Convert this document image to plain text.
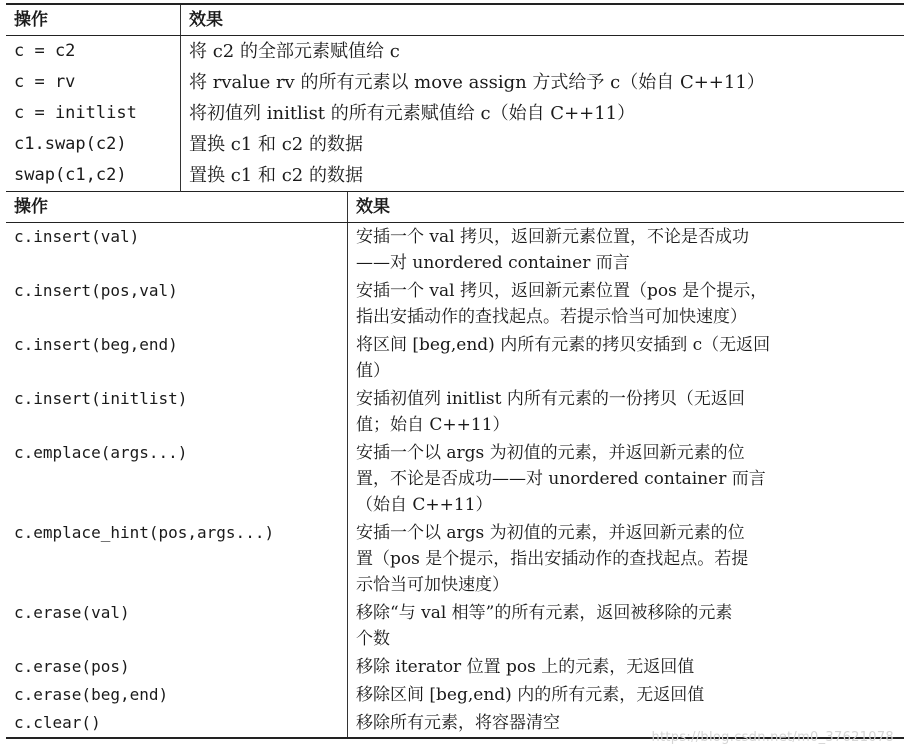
操作	效果
c = c2	将 c2 的全部元素赋值给 c
c = rv	将 rvalue rv 的所有元素以 move assign 方式给予 c（始自 C++11）
c = initlist	将初值列 initlist 的所有元素赋值给 c（始自 C++11）
c1.swap(c2)	置换 c1 和 c2 的数据
swap(c1,c2)	置换 c1 和 c2 的数据
操作	效果
c.insert(val)	安插一个 val 拷贝，返回新元素位置，不论是否成功
——对 unordered container 而言

c.insert(pos,val)	安插一个 val 拷贝，返回新元素位置（pos 是个提示，
指出安插动作的查找起点。若提示恰当可加快速度）

c.insert(beg,end)	将区间 [beg,end) 内所有元素的拷贝安插到 c（无返回
值）

c.insert(initlist)	安插初值列 initlist 内所有元素的一份拷贝（无返回
值；始自 C++11）

c.emplace(args...)	安插一个以 args 为初值的元素，并返回新元素的位
置，不论是否成功——对 unordered container 而言
（始自 C++11）

c.emplace_hint(pos,args...)	安插一个以 args 为初值的元素，并返回新元素的位
置（pos 是个提示，指出安插动作的查找起点。若提
示恰当可加快速度）

c.erase(val)	移除“与 val 相等”的所有元素，返回被移除的元素
个数

c.erase(pos)	移除 iterator 位置 pos 上的元素，无返回值

c.erase(beg,end)	移除区间 [beg,end) 内的所有元素，无返回值

c.clear()	移除所有元素，将容器清空
https://blog.csdn.net/m0_37621078
